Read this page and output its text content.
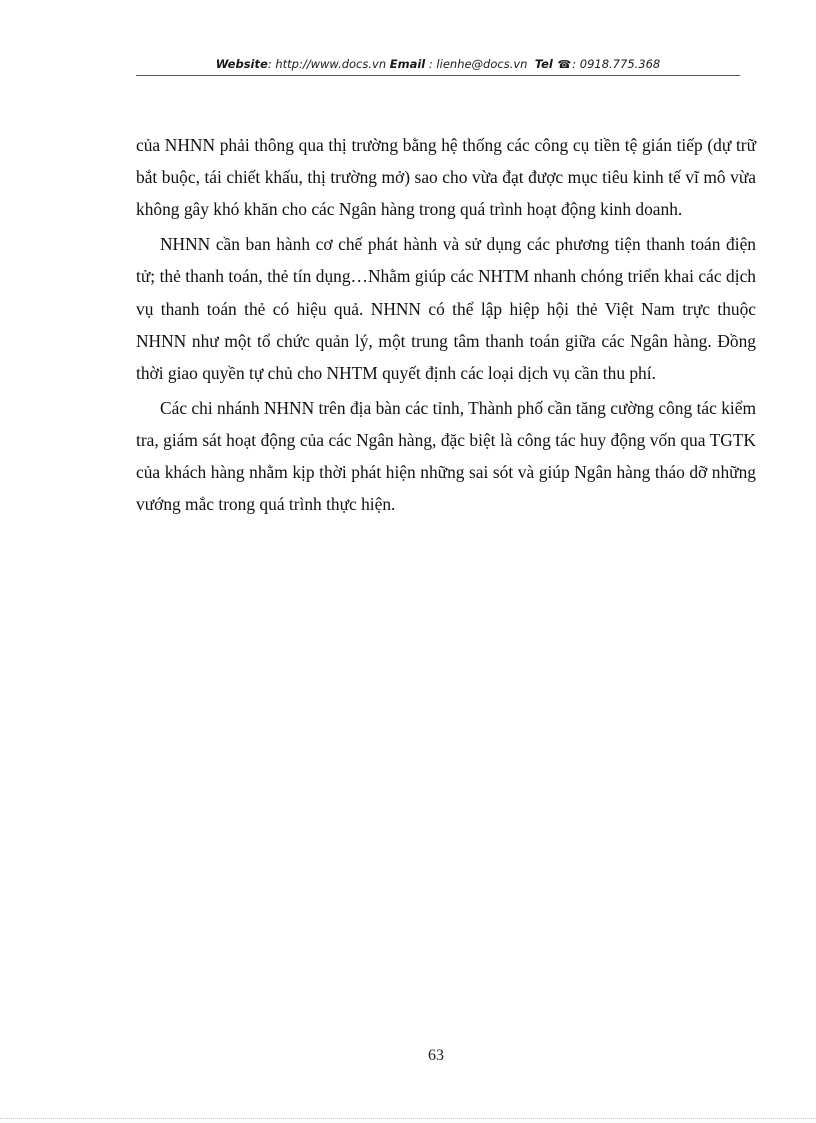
Website: http://www.docs.vn Email : lienhe@docs.vn Tel ☎: 0918.775.368

của NHNN phải thông qua thị trường bằng hệ thống các công cụ tiền tệ gián tiếp (dự trữ bắt buộc, tái chiết khấu, thị trường mở) sao cho vừa đạt được mục tiêu kinh tế vĩ mô vừa không gây khó khăn cho các Ngân hàng trong quá trình hoạt động kinh doanh.

NHNN cần ban hành cơ chế phát hành và sử dụng các phương tiện thanh toán điện tử; thẻ thanh toán, thẻ tín dụng…Nhằm giúp các NHTM nhanh chóng triển khai các dịch vụ thanh toán thẻ có hiệu quả. NHNN có thể lập hiệp hội thẻ Việt Nam trực thuộc NHNN như một tổ chức quản lý, một trung tâm thanh toán giữa các Ngân hàng. Đồng thời giao quyền tự chủ cho NHTM quyết định các loại dịch vụ cần thu phí.

Các chi nhánh NHNN trên địa bàn các tỉnh, Thành phố cần tăng cường công tác kiểm tra, giám sát hoạt động của các Ngân hàng, đặc biệt là công tác huy động vốn qua TGTK của khách hàng nhằm kịp thời phát hiện những sai sót và giúp Ngân hàng tháo dỡ những vướng mắc trong quá trình thực hiện.

63
